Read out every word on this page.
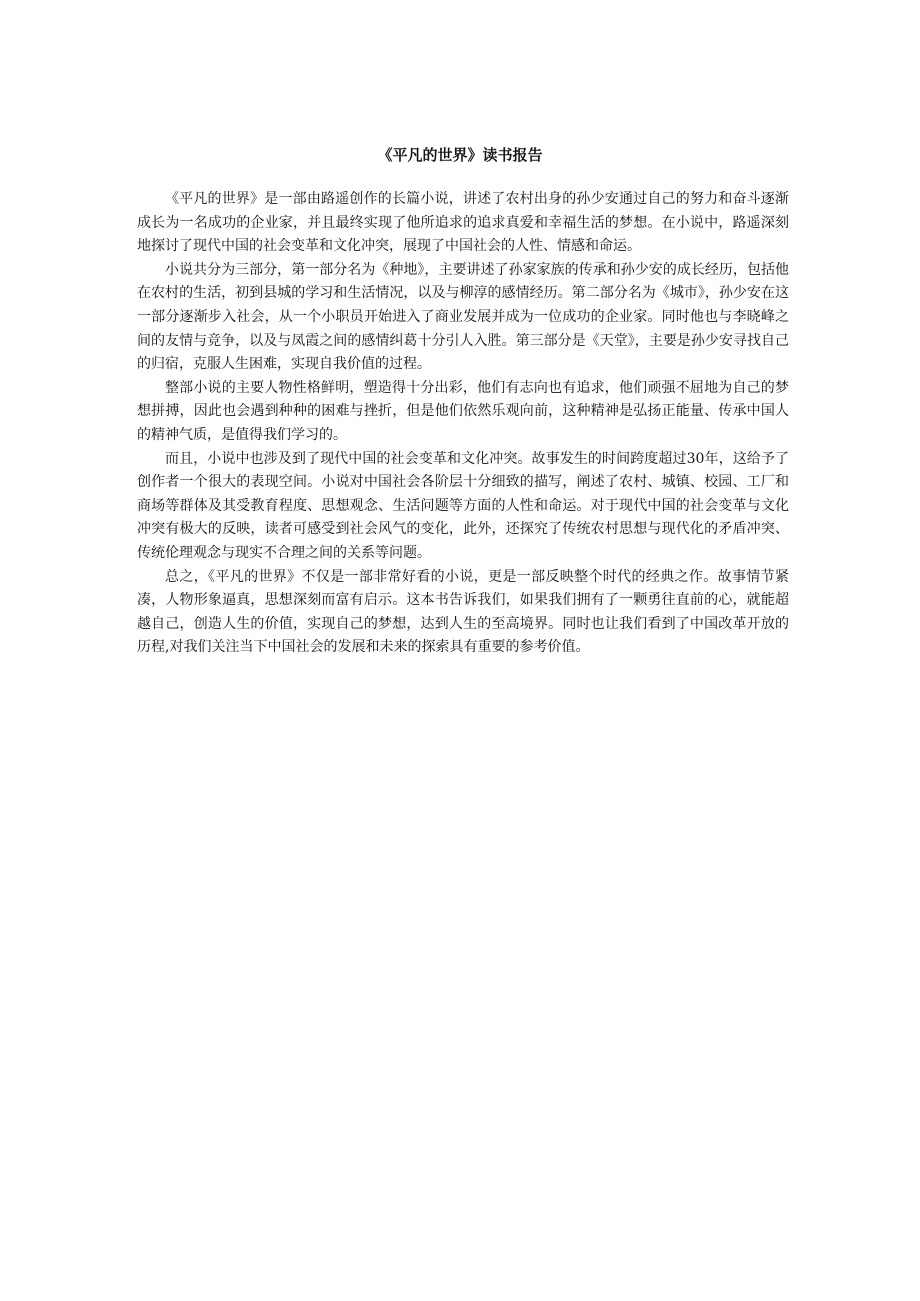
《平凡的世界》读书报告

《平凡的世界》是一部由路遥创作的长篇小说，讲述了农村出身的孙少安通过自己的努力和奋斗逐渐成长为一名成功的企业家，并且最终实现了他所追求的追求真爱和幸福生活的梦想。在小说中，路遥深刻地探讨了现代中国的社会变革和文化冲突，展现了中国社会的人性、情感和命运。

小说共分为三部分，第一部分名为《种地》，主要讲述了孙家家族的传承和孙少安的成长经历，包括他在农村的生活，初到县城的学习和生活情况，以及与柳淳的感情经历。第二部分名为《城市》，孙少安在这一部分逐渐步入社会，从一个小职员开始进入了商业发展并成为一位成功的企业家。同时他也与李晓峰之间的友情与竞争，以及与凤霞之间的感情纠葛十分引人入胜。第三部分是《天堂》，主要是孙少安寻找自己的归宿，克服人生困难，实现自我价值的过程。

整部小说的主要人物性格鲜明，塑造得十分出彩，他们有志向也有追求，他们顽强不屈地为自己的梦想拼搏，因此也会遇到种种的困难与挫折，但是他们依然乐观向前，这种精神是弘扬正能量、传承中国人的精神气质，是值得我们学习的。

而且，小说中也涉及到了现代中国的社会变革和文化冲突。故事发生的时间跨度超过30年，这给予了创作者一个很大的表现空间。小说对中国社会各阶层十分细致的描写，阐述了农村、城镇、校园、工厂和商场等群体及其受教育程度、思想观念、生活问题等方面的人性和命运。对于现代中国的社会变革与文化冲突有极大的反映，读者可感受到社会风气的变化，此外，还探究了传统农村思想与现代化的矛盾冲突、传统伦理观念与现实不合理之间的关系等问题。

总之，《平凡的世界》不仅是一部非常好看的小说，更是一部反映整个时代的经典之作。故事情节紧凑，人物形象逼真，思想深刻而富有启示。这本书告诉我们，如果我们拥有了一颗勇往直前的心，就能超越自己，创造人生的价值，实现自己的梦想，达到人生的至高境界。同时也让我们看到了中国改革开放的历程,对我们关注当下中国社会的发展和未来的探索具有重要的参考价值。
